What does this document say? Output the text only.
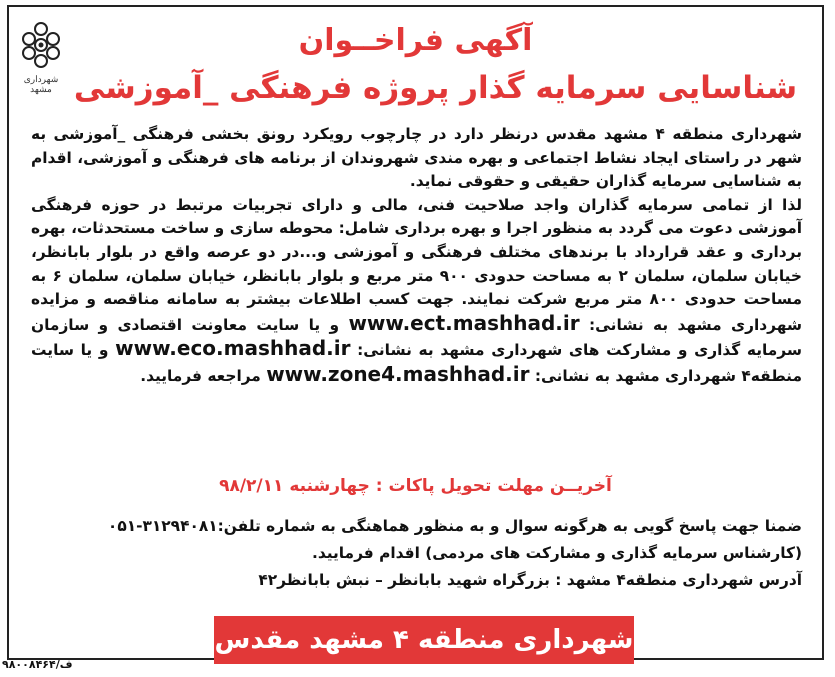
شهرداری مشهد
آگهی فراخــوان
شناسایی سرمایه گذار پروژه فرهنگی _آموزشی

شهرداری منطقه ۴ مشهد مقدس درنظر دارد در چارچوب رویکرد رونق بخشی فرهنگی _آموزشی به شهر در راستای ایجاد نشاط اجتماعی و بهره مندی شهروندان از برنامه های فرهنگی و آموزشی، اقدام به شناسایی سرمایه گذاران حقیقی و حقوقی نماید.

لذا از تمامی سرمایه گذاران واجد صلاحیت فنی، مالی و دارای تجربیات مرتبط در حوزه فرهنگی آموزشی دعوت می گردد به منظور اجرا و بهره برداری شامل: محوطه سازی و ساخت مستحدثات، بهره برداری و عقد قرارداد با برندهای مختلف فرهنگی و آموزشی و...در دو عرصه واقع در بلوار بابانظر، خیابان سلمان، سلمان ۲ به مساحت حدودی ۹۰۰ متر مربع و بلوار بابانظر، خیابان سلمان، سلمان ۶ به مساحت حدودی ۸۰۰ متر مربع شرکت نمایند. جهت کسب اطلاعات بیشتر به سامانه مناقصه و مزایده شهرداری مشهد به نشانی: www.ect.mashhad.ir و یا سایت معاونت اقتصادی و سازمان سرمایه گذاری و مشارکت های شهرداری مشهد به نشانی: www.eco.mashhad.ir و یا سایت منطقه۴ شهرداری مشهد به نشانی: www.zone4.mashhad.ir مراجعه فرمایید.

آخریــن مهلت تحویل پاکات : چهارشنبه ۹۸/۲/۱۱

ضمنا جهت پاسخ گویی به هرگونه سوال و به منظور هماهنگی به شماره تلفن:۳۱۲۹۴۰۸۱-۰۵۱

(کارشناس سرمایه گذاری و مشارکت های مردمی) اقدام فرمایید.

آدرس شهرداری منطقه۴ مشهد : بزرگراه شهید بابانظر – نبش بابانظر۴۲

شهرداری منطقه ۴ مشهد مقدس
۹۸۰۰۸۴۶۴/ف
